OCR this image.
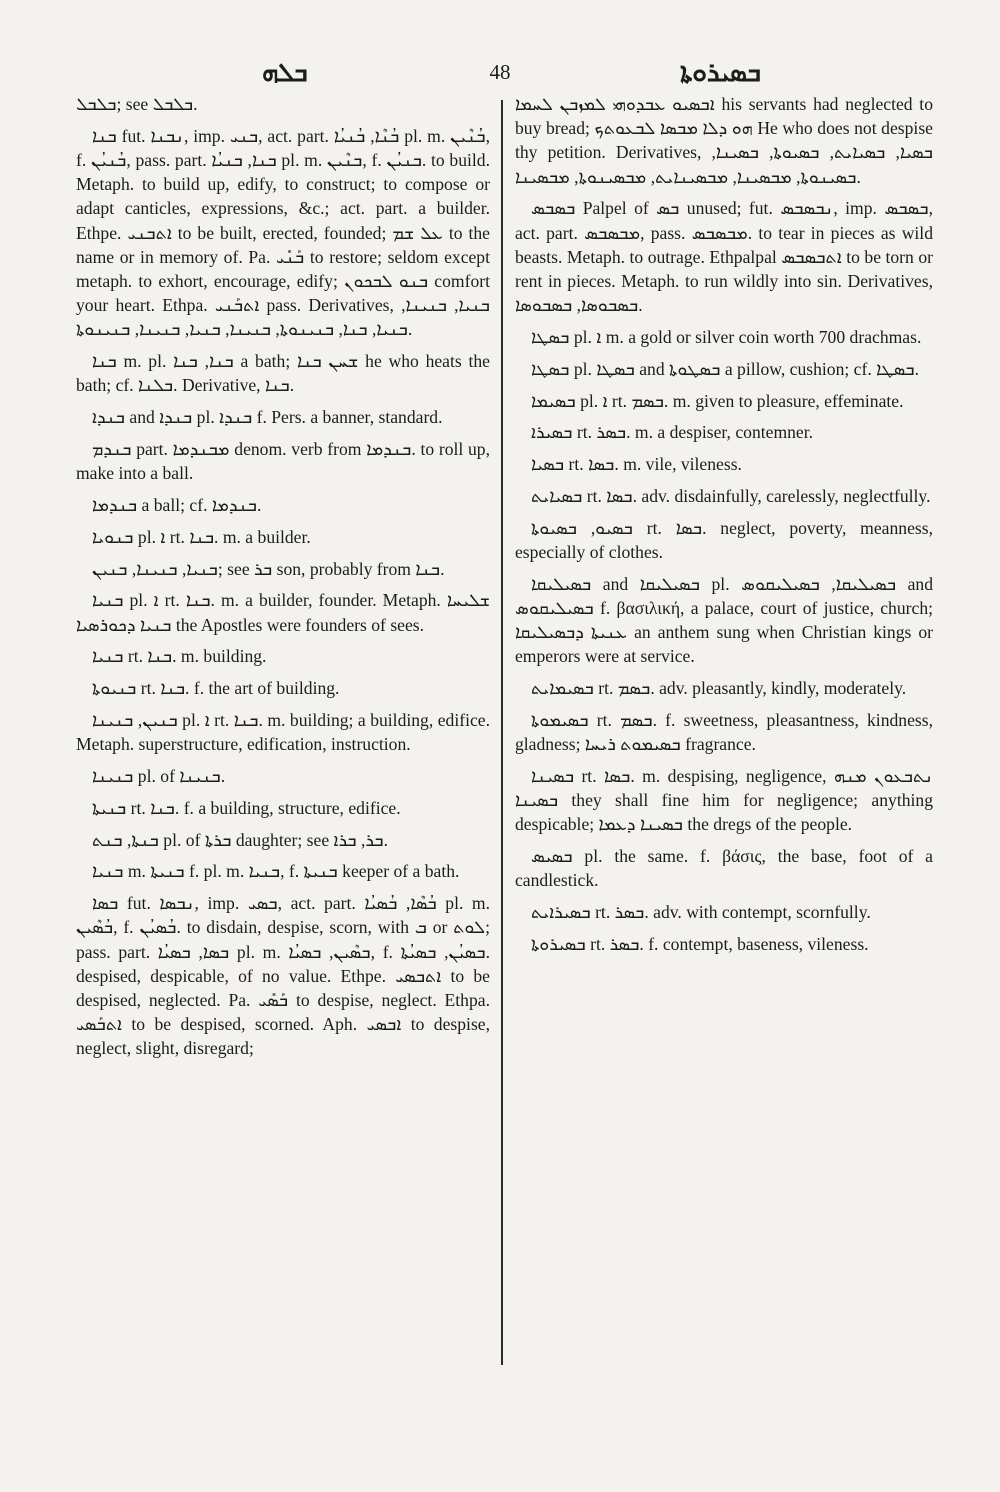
ܒܠܗ	48	ܒܣܝܪܘܬܐ

ܒܠܒܠ; see ܒܠܒܠ.

ܒܢܐ fut. ܢܒܢܐ, imp. ܒܢܝ, act. part. ܒܳܢܶܐ, ܒܳܢܝܳܐ pl. m. ܒܳܢܶܝܢ, f. ܒܳܢܝܳܢ, pass. part. ܒܢܐ, ܒܢܝܳܐ pl. m. ܒܢܶܝܢ, f. ܒܢܝܳܢ. to build. Metaph. to build up, edify, to construct; to compose or adapt canticles, expressions, &c.; act. part. a builder. Ethpe. ܐܬܒܢܝ to be built, erected, founded; ܥܠ ܫܡ to the name or in memory of. Pa. ܒܰܢܺܝ to restore; seldom except metaph. to exhort, encourage, edify; ܒܢܘ ܠܒܟܘܢ comfort your heart. Ethpa. ܐܬܒܰܢܝ pass. Derivatives, ܒܢܝܐ, ܒܢܝܢܐ, ܒܢܝܐ, ܒܢܐ, ܒܢܝܢܘܬܐ, ܒܢܝܢܐ, ܒܢܝܐ, ܒܢܝܢܐ, ܒܢܝܢܘܬܐ.

ܒܢܐ m. pl. ܒܢܐ, ܒܢܐ a bath; ܫܚܢ ܒܢܐ he who heats the bath; cf. ܒܠܢܐ. Derivative, ܒܢܐ.

ܒܢܕܐ and ܒܢܕܐ pl. ܒܢܕܐ f. Pers. a banner, standard.

ܒܢܕܡ part. ܡܒܢܕܡܐ denom. verb from ܒܢܕܡܐ. to roll up, make into a ball.

ܒܢܕܡܐ a ball; cf. ܒܢܕܡܐ.

ܒܢܘܝܐ pl. ܐ rt. ܒܢܐ. m. a builder.

ܒܢܝܐ, ܒܢܝܢܐ, ܒܢܝܢ; see ܒܪ son, probably from ܒܢܐ.

ܒܢܝܐ pl. ܐ rt. ܒܢܐ. m. a builder, founder. Metaph. ܫܠܝܚܐ ܒܢܝܐ ܕܟܘܪܣܝܐ the Apostles were founders of sees.

ܒܢܝܐ rt. ܒܢܐ. m. building.

ܒܢܝܘܬܐ rt. ܒܢܐ. f. the art of building.

ܒܢܝܢ, ܒܢܝܢܐ pl. ܐ rt. ܒܢܐ. m. building; a building, edifice. Metaph. superstructure, edification, instruction.

ܒܢܝܢܐ pl. of ܒܢܝܢܐ.

ܒܢܝܬܐ rt. ܒܢܐ. f. a building, structure, edifice.

ܒܢܬܐ, ܒܢܬ pl. of ܒܪܬܐ daughter; see ܒܪ, ܒܪܐ.

ܒܢܝܐ m. ܒܢܝܬܐ f. pl. m. ܒܢܝܐ, f. ܒܢܝܬܐ keeper of a bath.

ܒܣܐ fut. ܢܒܣܐ, imp. ܒܣܝ, act. part. ܒܳܣܶܐ, ܒܳܣܝܳܐ pl. m. ܒܳܣܶܝܢ, f. ܒܳܣܝܳܢ. to disdain, despise, scorn, with ܒ or ܠܘܬ; pass. part. ܒܣܐ, ܒܣܝܳܐ pl. m. ܒܣܶܝܢ, ܒܣܝܳܐ, f. ܒܣܝܳܢ, ܒܣܝܳܬܐ. despised, despicable, of no value. Ethpe. ܐܬܒܣܝ to be despised, neglected. Pa. ܒܰܣܺܝ to despise, neglect. Ethpa. ܐܬܒܰܣܝ to be despised, scorned. Aph. ܐܒܣܝ to despise, neglect, slight, disregard;

ܐܒܣܝܘ ܥܒܕܘܗܝ ܠܡܙܒܢ ܠܚܡܐ his servants had neglected to buy bread; ܗܘ ܕܠܐ ܡܒܣܐ ܠܒܥܘܬܟ He who does not despise thy petition. Derivatives, ܒܣܝܐ, ܒܣܝܐܝܬ, ܒܣܝܘܬܐ, ܒܣܝܢܐ, ܒܣܝܢܘܬܐ, ܡܒܣܝܢܐ, ܡܒܣܝܢܐܝܬ, ܡܒܣܝܢܘܬܐ, ܡܒܣܝܢܐ.

ܒܣܒܣ Palpel of ܒܣ unused; fut. ܢܒܣܒܣ, imp. ܒܣܒܣ, act. part. ܡܒܣܒܣ, pass. ܡܒܣܒܣ. to tear in pieces as wild beasts. Metaph. to outrage. Ethpalpal ܐܬܒܣܒܣ to be torn or rent in pieces. Metaph. to run wildly into sin. Derivatives, ܒܣܒܘܣܐ, ܒܣܒܘܣܐ.

ܒܣܛܐ pl. ܐ m. a gold or silver coin worth 700 drachmas.

ܒܣܛܐ pl. ܒܣܛܐ and ܒܣܛܘܬܐ a pillow, cushion; cf. ܒܣܛܐ.

ܒܣܝܡܐ pl. ܐ rt. ܒܣܡ. m. given to pleasure, effeminate.

ܒܣܝܪܐ rt. ܒܣܪ. m. a despiser, contemner.

ܒܣܝܐ rt. ܒܣܐ. m. vile, vileness.

ܒܣܝܐܝܬ rt. ܒܣܐ. adv. disdainfully, carelessly, neglectfully.

ܒܣܝܘ, ܒܣܝܘܬܐ rt. ܒܣܐ. neglect, poverty, meanness, especially of clothes.

ܒܣܝܠܝܩܐ and ܒܣܝܠܝܩܐ pl. ܒܣܝܠܝܩܐ, ܒܣܝܠܝܩܘܣ and ܒܣܝܠܝܩܘܣ f. βασιλική, a palace, court of justice, church; ܥܢܝܬܐ ܕܒܣܝܠܝܩܐ an anthem sung when Christian kings or emperors were at service.

ܒܣܝܡܐܝܬ rt. ܒܣܡ. adv. pleasantly, kindly, moderately.

ܒܣܝܡܘܬܐ rt. ܒܣܡ. f. sweetness, pleasantness, kindness, gladness; ܒܣܝܡܘܬ ܪܝܚܐ fragrance.

ܒܣܝܢܐ rt. ܒܣܐ. m. despising, negligence, ܢܬܒܥܘܢ ܡܢܗ ܒܣܝܢܐ they shall fine him for negligence; anything despicable; ܒܣܝܢܐ ܕܥܡܐ the dregs of the people.

ܒܣܝܣ pl. the same. f. βάσις, the base, foot of a candlestick.

ܒܣܝܪܐܝܬ rt. ܒܣܪ. adv. with contempt, scornfully.

ܒܣܝܪܘܬܐ rt. ܒܣܪ. f. contempt, baseness, vileness.
